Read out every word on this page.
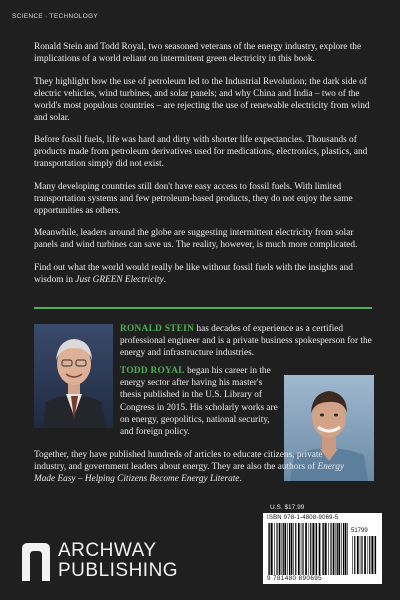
SCIENCE · TECHNOLOGY

Ronald Stein and Todd Royal, two seasoned veterans of the energy industry, explore the implications of a world reliant on intermittent green electricity in this book.

They highlight how the use of petroleum led to the Industrial Revolution; the dark side of electric vehicles, wind turbines, and solar panels; and why China and India – two of the world's most populous countries – are rejecting the use of renewable electricity from wind and solar.

Before fossil fuels, life was hard and dirty with shorter life expectancies. Thousands of products made from petroleum derivatives used for medications, electronics, plastics, and transportation simply did not exist.

Many developing countries still don't have easy access to fossil fuels. With limited transportation systems and few petroleum-based products, they do not enjoy the same opportunities as others.

Meanwhile, leaders around the globe are suggesting intermittent electricity from solar panels and wind turbines can save us. The reality, however, is much more complicated.

Find out what the world would really be like without fossil fuels with the insights and wisdom in Just GREEN Electricity.

RONALD STEIN has decades of experience as a certified professional engineer and is a private business spokesperson for the energy and infrastructure industries.
TODD ROYAL began his career in the energy sector after having his master's thesis published in the U.S. Library of Congress in 2015. His scholarly works are on energy, geopolitics, national security, and foreign policy.
Together, they have published hundreds of articles to educate citizens, private industry, and government leaders about energy. They are also the authors of Energy Made Easy – Helping Citizens Become Energy Literate.
U.S. $17.99
ISBN 978-1-4808-9069-5
51799
9 781480 890695
ARCHWAY
PUBLISHING
